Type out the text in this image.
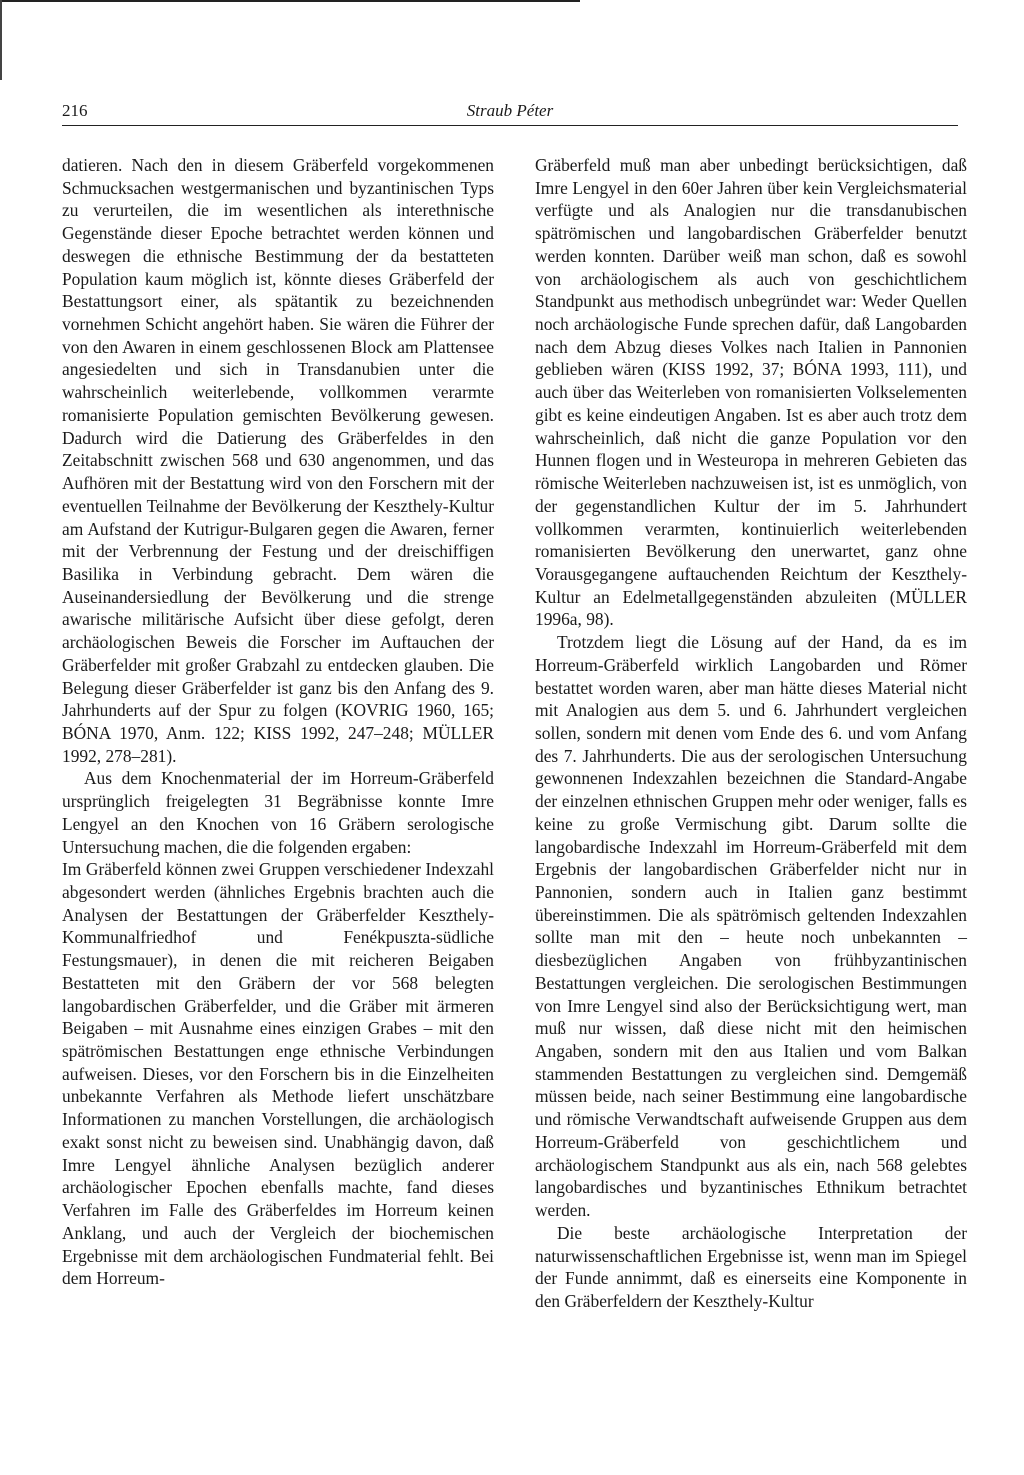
216	Straub Péter

datieren. Nach den in diesem Gräberfeld vorgekommenen Schmucksachen westgermanischen und byzantinischen Typs zu verurteilen, die im wesentlichen als interethnische Gegenstände dieser Epoche betrachtet werden können und deswegen die ethnische Bestimmung der da bestatteten Population kaum möglich ist, könnte dieses Gräberfeld der Bestattungsort einer, als spätantik zu bezeichnenden vornehmen Schicht angehört haben. Sie wären die Führer der von den Awaren in einem geschlossenen Block am Plattensee angesiedelten und sich in Transdanubien unter die wahrscheinlich weiterlebende, vollkommen verarmte romanisierte Population gemischten Bevölkerung gewesen. Dadurch wird die Datierung des Gräberfeldes in den Zeitabschnitt zwischen 568 und 630 angenommen, und das Aufhören mit der Bestattung wird von den Forschern mit der eventuellen Teilnahme der Bevölkerung der Keszthely-Kultur am Aufstand der Kutrigur-Bulgaren gegen die Awaren, ferner mit der Verbrennung der Festung und der dreischiffigen Basilika in Verbindung gebracht. Dem wären die Auseinandersiedlung der Bevölkerung und die strenge awarische militärische Aufsicht über diese gefolgt, deren archäologischen Beweis die Forscher im Auftauchen der Gräberfelder mit großer Grabzahl zu entdecken glauben. Die Belegung dieser Gräberfelder ist ganz bis den Anfang des 9. Jahrhunderts auf der Spur zu folgen (KOVRIG 1960, 165; BÓNA 1970, Anm. 122; KISS 1992, 247–248; MÜLLER 1992, 278–281).

Aus dem Knochenmaterial der im Horreum-Gräberfeld ursprünglich freigelegten 31 Begräbnisse konnte Imre Lengyel an den Knochen von 16 Gräbern serologische Untersuchung machen, die die folgenden ergaben:

Im Gräberfeld können zwei Gruppen verschiedener Indexzahl abgesondert werden (ähnliches Ergebnis brachten auch die Analysen der Bestattungen der Gräberfelder Keszthely-Kommunalfriedhof und Fenékpuszta-südliche Festungsmauer), in denen die mit reicheren Beigaben Bestatteten mit den Gräbern der vor 568 belegten langobardischen Gräberfelder, und die Gräber mit ärmeren Beigaben – mit Ausnahme eines einzigen Grabes – mit den spätrömischen Bestattungen enge ethnische Verbindungen aufweisen. Dieses, vor den Forschern bis in die Einzelheiten unbekannte Verfahren als Methode liefert unschätzbare Informationen zu manchen Vorstellungen, die archäologisch exakt sonst nicht zu beweisen sind. Unabhängig davon, daß Imre Lengyel ähnliche Analysen bezüglich anderer archäologischer Epochen ebenfalls machte, fand dieses Verfahren im Falle des Gräberfeldes im Horreum keinen Anklang, und auch der Vergleich der biochemischen Ergebnisse mit dem archäologischen Fundmaterial fehlt. Bei dem Horreum-

Gräberfeld muß man aber unbedingt berücksichtigen, daß Imre Lengyel in den 60er Jahren über kein Vergleichsmaterial verfügte und als Analogien nur die transdanubischen spätrömischen und langobardischen Gräberfelder benutzt werden konnten. Darüber weiß man schon, daß es sowohl von archäologischem als auch von geschichtlichem Standpunkt aus methodisch unbegründet war: Weder Quellen noch archäologische Funde sprechen dafür, daß Langobarden nach dem Abzug dieses Volkes nach Italien in Pannonien geblieben wären (KISS 1992, 37; BÓNA 1993, 111), und auch über das Weiterleben von romanisierten Volkselementen gibt es keine eindeutigen Angaben. Ist es aber auch trotz dem wahrscheinlich, daß nicht die ganze Population vor den Hunnen flogen und in Westeuropa in mehreren Gebieten das römische Weiterleben nachzuweisen ist, ist es unmöglich, von der gegenstandlichen Kultur der im 5. Jahrhundert vollkommen verarmten, kontinuierlich weiterlebenden romanisierten Bevölkerung den unerwartet, ganz ohne Vorausgegangene auftauchenden Reichtum der Keszthely-Kultur an Edelmetallgegenständen abzuleiten (MÜLLER 1996a, 98).

Trotzdem liegt die Lösung auf der Hand, da es im Horreum-Gräberfeld wirklich Langobarden und Römer bestattet worden waren, aber man hätte dieses Material nicht mit Analogien aus dem 5. und 6. Jahrhundert vergleichen sollen, sondern mit denen vom Ende des 6. und vom Anfang des 7. Jahrhunderts. Die aus der serologischen Untersuchung gewonnenen Indexzahlen bezeichnen die Standard-Angabe der einzelnen ethnischen Gruppen mehr oder weniger, falls es keine zu große Vermischung gibt. Darum sollte die langobardische Indexzahl im Horreum-Gräberfeld mit dem Ergebnis der langobardischen Gräberfelder nicht nur in Pannonien, sondern auch in Italien ganz bestimmt übereinstimmen. Die als spätrömisch geltenden Indexzahlen sollte man mit den – heute noch unbekannten – diesbezüglichen Angaben von frühbyzantinischen Bestattungen vergleichen. Die serologischen Bestimmungen von Imre Lengyel sind also der Berücksichtigung wert, man muß nur wissen, daß diese nicht mit den heimischen Angaben, sondern mit den aus Italien und vom Balkan stammenden Bestattungen zu vergleichen sind. Demgemäß müssen beide, nach seiner Bestimmung eine langobardische und römische Verwandtschaft aufweisende Gruppen aus dem Horreum-Gräberfeld von geschichtlichem und archäologischem Standpunkt aus als ein, nach 568 gelebtes langobardisches und byzantinisches Ethnikum betrachtet werden.

Die beste archäologische Interpretation der naturwissenschaftlichen Ergebnisse ist, wenn man im Spiegel der Funde annimmt, daß es einerseits eine Komponente in den Gräberfeldern der Keszthely-Kultur
